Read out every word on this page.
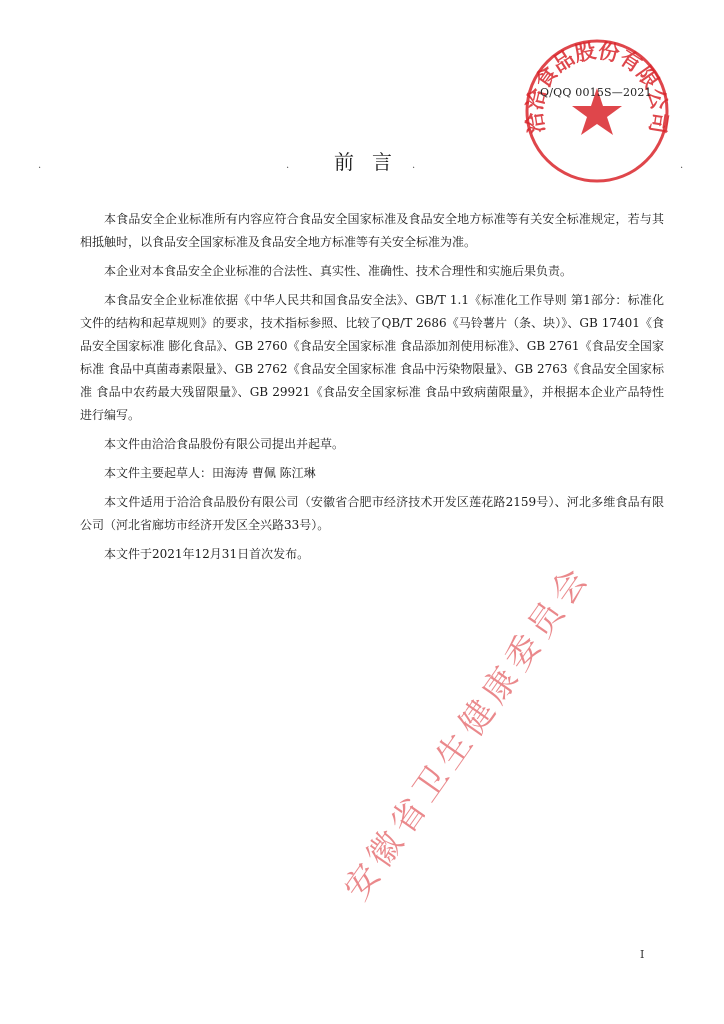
洽洽食品股份有限公司
Q/QQ 0015S—2021
.	.	.	.
前言

本食品安全企业标准所有内容应符合食品安全国家标准及食品安全地方标准等有关安全标准规定，若与其相抵触时，以食品安全国家标准及食品安全地方标准等有关安全标准为准。

本企业对本食品安全企业标准的合法性、真实性、准确性、技术合理性和实施后果负责。

本食品安全企业标准依据《中华人民共和国食品安全法》、GB/T 1.1《标准化工作导则 第1部分：标准化文件的结构和起草规则》的要求，技术指标参照、比较了QB/T 2686《马铃薯片（条、块）》、GB 17401《食品安全国家标准 膨化食品》、GB 2760《食品安全国家标准 食品添加剂使用标准》、GB 2761《食品安全国家标准 食品中真菌毒素限量》、GB 2762《食品安全国家标准 食品中污染物限量》、GB 2763《食品安全国家标准 食品中农药最大残留限量》、GB 29921《食品安全国家标准 食品中致病菌限量》，并根据本企业产品特性进行编写。

本文件由洽洽食品股份有限公司提出并起草。

本文件主要起草人：田海涛 曹佩 陈江琳

本文件适用于洽洽食品股份有限公司（安徽省合肥市经济技术开发区莲花路2159号）、河北多维食品有限公司（河北省廊坊市经济开发区全兴路33号）。

本文件于2021年12月31日首次发布。

安徽省卫生健康委员会
I
